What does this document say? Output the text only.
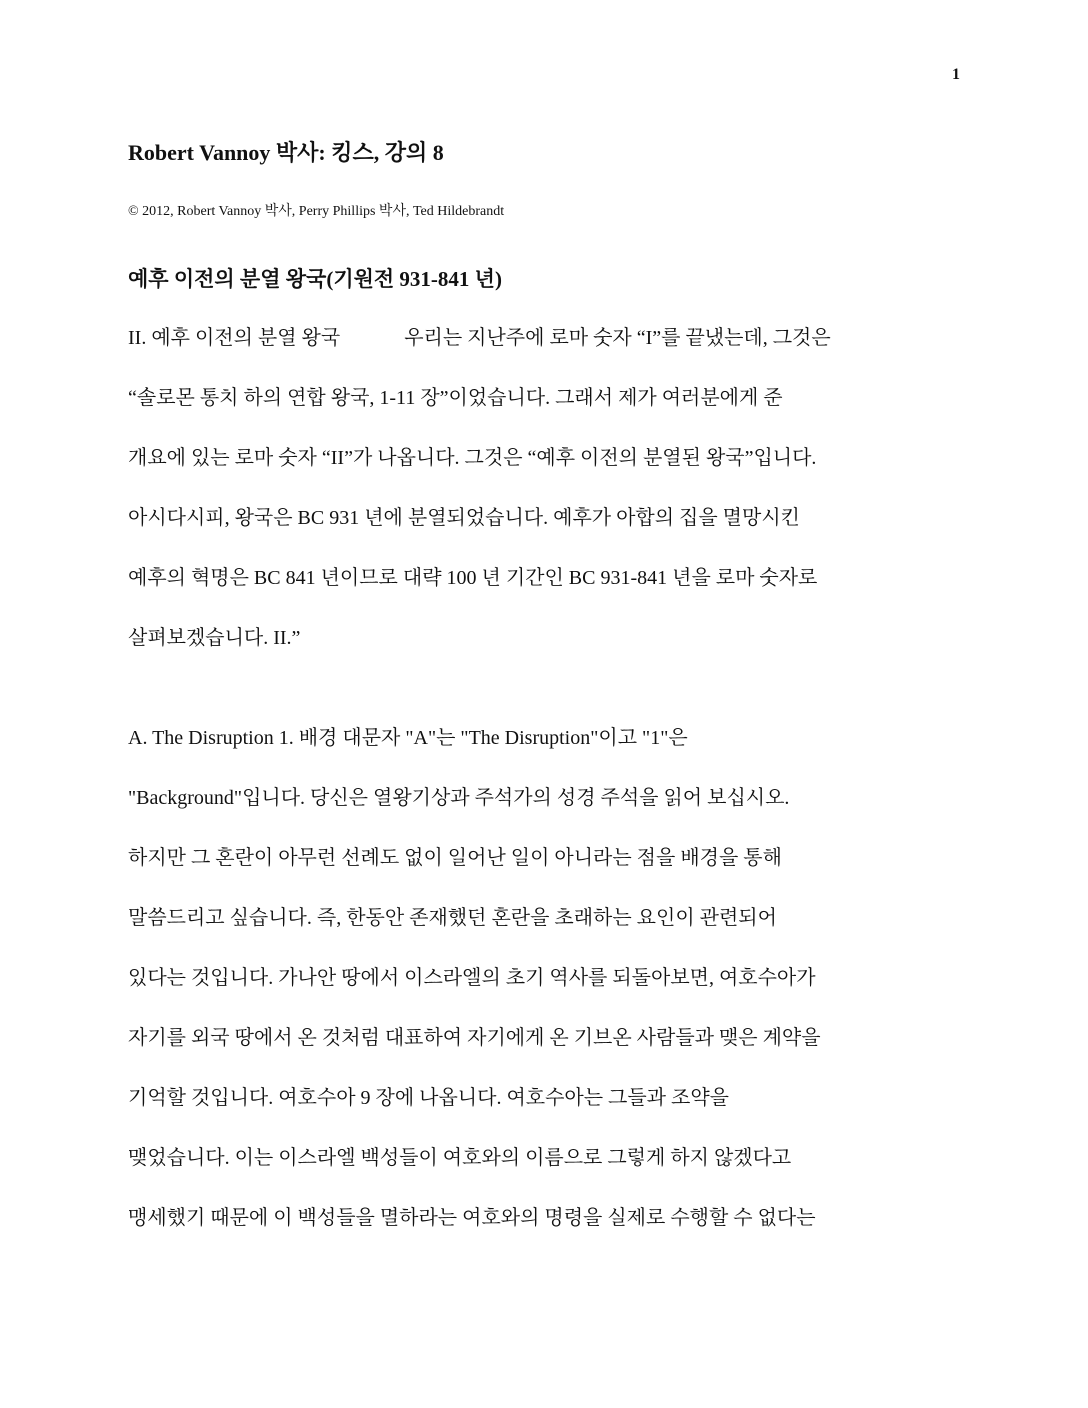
1
Robert Vannoy 박사: 킹스, 강의 8
© 2012, Robert Vannoy 박사, Perry Phillips 박사, Ted Hildebrandt
예후 이전의 분열 왕국(기원전 931-841 년)
II. 예후 이전의 분열 왕국	우리는 지난주에 로마 숫자 “I”를 끝냈는데, 그것은
“솔로몬 통치 하의 연합 왕국, 1-11 장”이었습니다. 그래서 제가 여러분에게 준
개요에 있는 로마 숫자 “II”가 나옵니다. 그것은 “예후 이전의 분열된 왕국”입니다.
아시다시피, 왕국은 BC 931 년에 분열되었습니다. 예후가 아합의 집을 멸망시킨
예후의 혁명은 BC 841 년이므로 대략 100 년 기간인 BC 931-841 년을 로마 숫자로
살펴보겠습니다. II.”
A. The Disruption 1. 배경 대문자 "A"는 "The Disruption"이고 "1"은
"Background"입니다. 당신은 열왕기상과 주석가의 성경 주석을 읽어 보십시오.
하지만 그 혼란이 아무런 선례도 없이 일어난 일이 아니라는 점을 배경을 통해
말씀드리고 싶습니다. 즉, 한동안 존재했던 혼란을 초래하는 요인이 관련되어
있다는 것입니다. 가나안 땅에서 이스라엘의 초기 역사를 되돌아보면, 여호수아가
자기를 외국 땅에서 온 것처럼 대표하여 자기에게 온 기브온 사람들과 맺은 계약을
기억할 것입니다. 여호수아 9 장에 나옵니다. 여호수아는 그들과 조약을
맺었습니다. 이는 이스라엘 백성들이 여호와의 이름으로 그렇게 하지 않겠다고
맹세했기 때문에 이 백성들을 멸하라는 여호와의 명령을 실제로 수행할 수 없다는
